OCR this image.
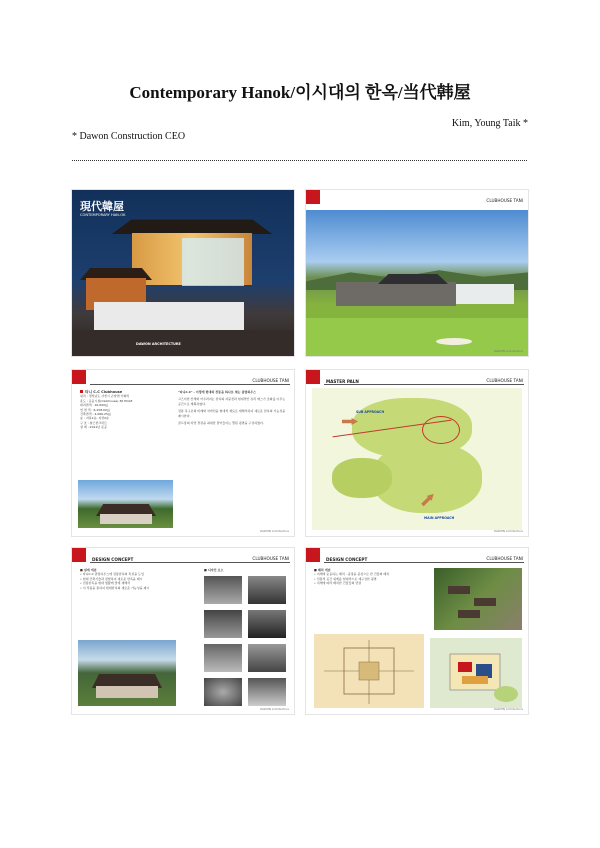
Contemporary Hanok/이시대의 한옥/当代韩屋
Kim, Young Taik *
* Dawon Construction CEO
現代韓屋
CONTEMPORARY HAN-OK
DAWON ARCHITECTURE
CLUBHOUSE TANI
DAWON Architecture
CLUBHOUSE TANI
타니 C.C Clubhouse
위치 : 경상남도 사천시 곤양면 가화리
용도 : 운동시설(Clubhouse) 36 HOLE
대지면적 : 16,000㎡
연 면 적 : 6,258.00㎡
건축면적 : 4,066.25㎡
층 : 지하1층, 지상2층
구 조 : 철근콘크리트
설 계 : 2011년 준공
"타니C.C" - 이렇게 현대와 전통을 하나로 엮는 클럽하우스
고즈넉한 산세와 어우러지는 한옥의 지붕선과 현대적인 유리 매스가 조화를 이루는 공간으로 계획하였다.
전통 목구조의 비례와 처마선을 현대적 재료로 재해석하여 새로운 한옥의 가능성을 제시한다.
골프장의 자연 경관을 최대한 끌어들이는 열린 평면을 구성하였다.
DAWON Architecture
MASTER PALN	CLUBHOUSE TANI
SUB APPROACH
MAIN APPROACH
DAWON Architecture
DESIGN CONCEPT	CLUBHOUSE TANI
■ 설계 개념
• 타니C.C 클럽하우스에 전통한옥의 특성을 도입
• 현대 건축기술과 결합하여 새로운 한옥을 제시
• 전통한옥을 현대 생활에 맞게 재해석
• 이 작품을 통하여 현대한옥의 새로운 가능성을 제시
■ 디자인 요소
DAWON Architecture
DESIGN CONCEPT	CLUBHOUSE TANI
■ 배치 개념
• 지세에 순응하는 배치 - 중정을 중심으로 한 건물의 배치
• 전통적 공간 위계를 현대적으로 재구성한 평면
• 지세에 따라 배치한 건물들의 연결
DAWON Architecture
